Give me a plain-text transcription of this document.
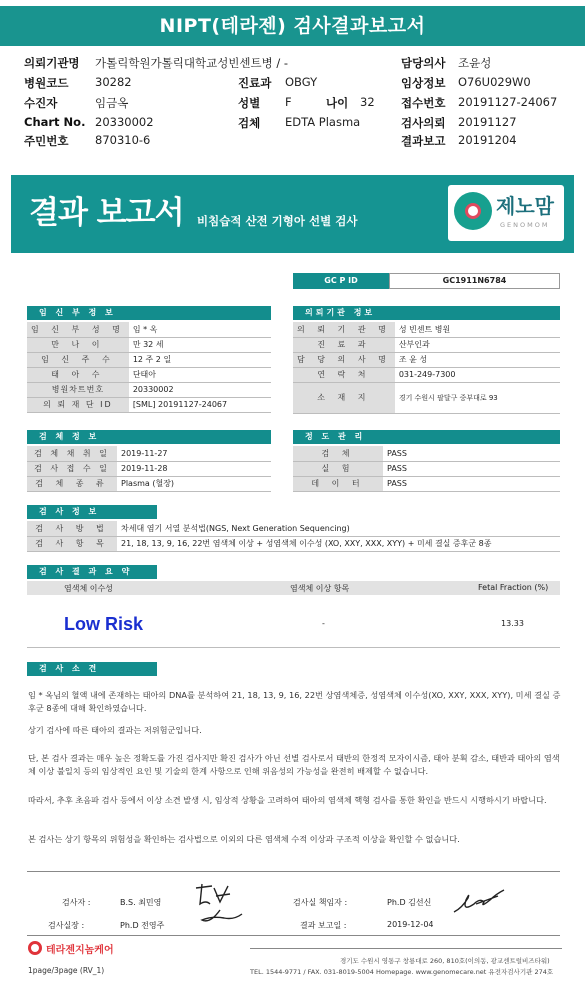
NIPT(테라젠) 검사결과보고서
의뢰기관명 가톨릭학원가톨릭대학교성빈센트병 / -	담당의사 조윤성
병원코드 30282	진료과 OBGY	임상정보 O76U029W0
수진자	임금옥	성별 F	나이 32 접수번호 20191127-24067
Chart No. 20330002	검체 EDTA Plasma	검사의뢰 20191127
주민번호 870310-6	결과보고 20191204
결과 보고서 비침습적 산전 기형아 선별 검사
제노맘
GENOMOM
GC P ID	GC1911N6784
임 신 부 정 보
임 신 부 성 명	임 * 옥
만 나 이	만 32 세
임 신 주 수	12 주 2 일
태 아 수	단태아
병원차트번호	20330002
의 뢰 재 단 ID	[SML] 20191127-24067
의뢰기관 정보
의 뢰 기 관 명	성 빈센트 병원
진 료 과	산부인과
담 당 의 사 명	조 윤 성
연 락 처	031-249-7300
소 재 지	경기 수원시 팔달구 중부대로 93
검 체 정 보
검 체 채 취 일	2019-11-27
검 사 접 수 일	2019-11-28
검 체 종 류	Plasma (혈장)
정 도 관 리
검 체	PASS
실 험	PASS
데 이 터	PASS
검 사 정 보
검 사 방 법	차세대 염기 서열 분석법(NGS, Next Generation Sequencing)
검 사 항 목	21, 18, 13, 9, 16, 22번 염색체 이상 + 성염색체 이수성 (XO, XXY, XXX, XYY) + 미세 결실 증후군 8종
검 사 결 과 요 약
염색체 이수성	염색체 이상 항목	Fetal Fraction (%)
Low Risk	-	13.33
검 사 소 견
임 * 옥님의 혈액 내에 존재하는 태아의 DNA를 분석하여 21, 18, 13, 9, 16, 22번 상염색체증, 성염색체 이수성(XO, XXY, XXX, XYY), 미세 결실 증후군 8종에 대해 확인하였습니다.
상기 검사에 따른 태아의 결과는 저위험군입니다.
단, 본 검사 결과는 매우 높은 정확도를 가진 검사지만 확진 검사가 아닌 선별 검사로서 태반의 한정적 모자이시즘, 태아 분획 감소, 태반과 태아의 염색체 이상 불일치 등의 임상적인 요인 및 기술의 한계 사항으로 인해 위음성의 가능성을 완전히 배제할 수 없습니다.
따라서, 추후 초음파 검사 등에서 이상 소견 발생 시, 임상적 상황을 고려하여 태아의 염색체 핵형 검사를 통한 확인을 반드시 시행하시기 바랍니다.
본 검사는 상기 항목의 위험성을 확인하는 검사법으로 이외의 다른 염색체 수적 이상과 구조적 이상을 확인할 수 없습니다.
검사자 :	B.S. 최민영
검사실장 :	Ph.D 전영주
검사실 책임자 :	Ph.D 김선신
결과 보고일 :	2019-12-04
테라젠지놈케어
경기도 수원시 영통구 창룡대로 260, 810호(이의동, 광교센트럴비즈타워)
TEL. 1544-9771 / FAX. 031-8019-5004 Homepage. www.genomecare.net 유전자검사기관 274호
1page/3page (RV_1)
